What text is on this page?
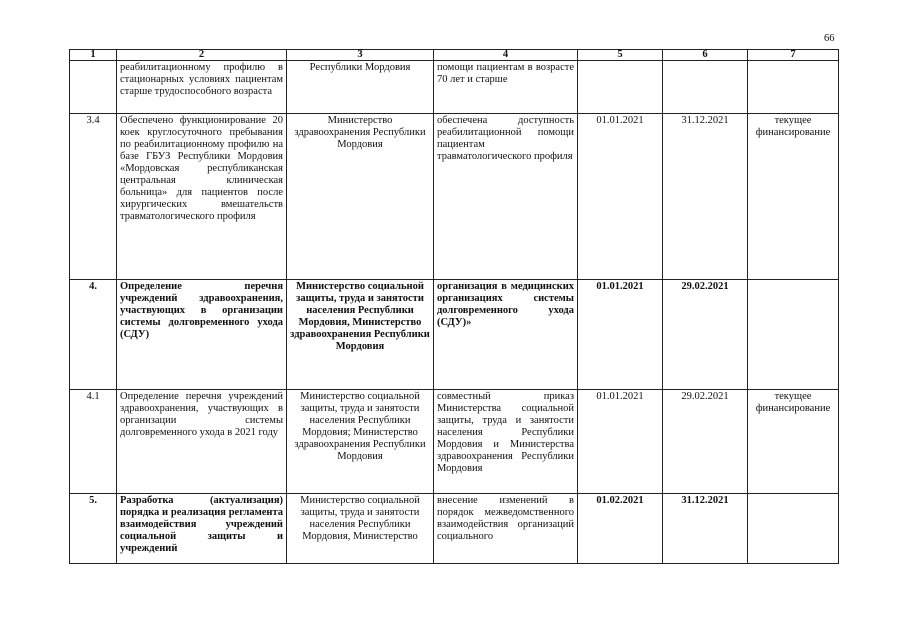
66
1	2	3	4	5	6	7
	реабилитационному профилю в стационарных условиях пациентам старше трудоспособного возраста	Республики Мордовия	помощи пациентам в возрасте 70 лет и старше			
3.4	Обеспечено функционирование 20 коек круглосуточного пребывания по реабилитационному профилю на базе ГБУЗ Республики Мордовия «Мордовская республиканская центральная клиническая больница» для пациентов после хирургических вмешательств травматологического профиля	Министерство здравоохранения Республики Мордовия	обеспечена доступность реабилитационной помощи пациентам травматологического профиля	01.01.2021	31.12.2021	текущее финансирование
4.	Определение перечня учреждений здравоохранения, участвующих в организации системы долговременного ухода (СДУ)	Министерство социальной защиты, труда и занятости населения Республики Мордовия, Министерство здравоохранения Республики Мордовия	организация в медицинских организациях системы долговременного ухода (СДУ)»	01.01.2021	29.02.2021	
4.1	Определение перечня учреждений здравоохранения, участвующих в организации системы долговременного ухода в 2021 году	Министерство социальной защиты, труда и занятости населения Республики Мордовия; Министерство здравоохранения Республики Мордовия	совместный приказ Министерства социальной защиты, труда и занятости населения Республики Мордовия и Министерства здравоохранения Республики Мордовия	01.01.2021	29.02.2021	текущее финансирование
5.	Разработка (актуализация) порядка и реализация регламента взаимодействия учреждений социальной защиты и учреждений	Министерство социальной защиты, труда и занятости населения Республики Мордовия, Министерство	внесение изменений в порядок межведомственного взаимодействия организаций социального	01.02.2021	31.12.2021	
